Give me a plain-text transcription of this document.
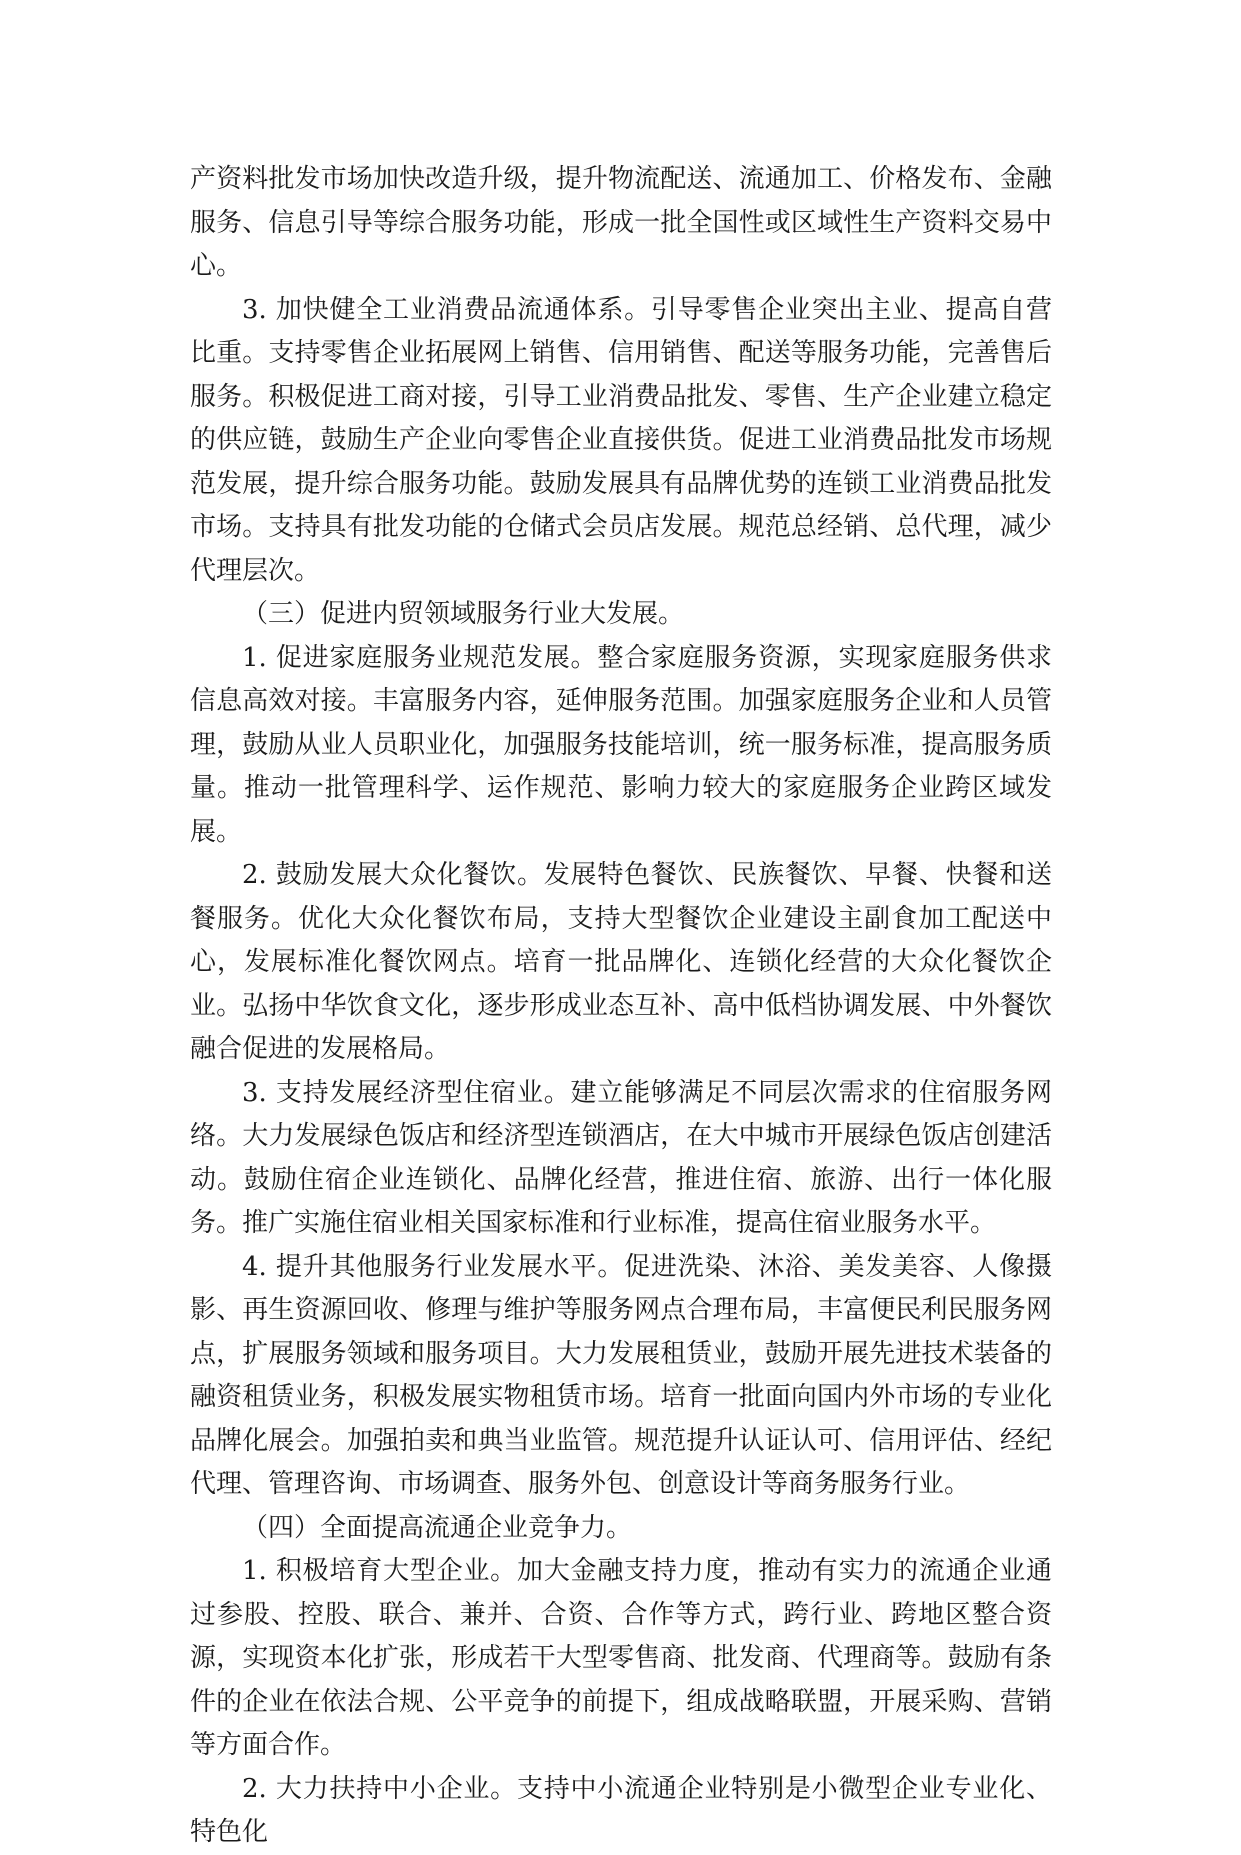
产资料批发市场加快改造升级，提升物流配送、流通加工、价格发布、金融服务、信息引导等综合服务功能，形成一批全国性或区域性生产资料交易中心。

3. 加快健全工业消费品流通体系。引导零售企业突出主业、提高自营比重。支持零售企业拓展网上销售、信用销售、配送等服务功能，完善售后服务。积极促进工商对接，引导工业消费品批发、零售、生产企业建立稳定的供应链，鼓励生产企业向零售企业直接供货。促进工业消费品批发市场规范发展，提升综合服务功能。鼓励发展具有品牌优势的连锁工业消费品批发市场。支持具有批发功能的仓储式会员店发展。规范总经销、总代理，减少代理层次。

（三）促进内贸领域服务行业大发展。

1. 促进家庭服务业规范发展。整合家庭服务资源，实现家庭服务供求信息高效对接。丰富服务内容，延伸服务范围。加强家庭服务企业和人员管理，鼓励从业人员职业化，加强服务技能培训，统一服务标准，提高服务质量。推动一批管理科学、运作规范、影响力较大的家庭服务企业跨区域发展。

2. 鼓励发展大众化餐饮。发展特色餐饮、民族餐饮、早餐、快餐和送餐服务。优化大众化餐饮布局，支持大型餐饮企业建设主副食加工配送中心，发展标准化餐饮网点。培育一批品牌化、连锁化经营的大众化餐饮企业。弘扬中华饮食文化，逐步形成业态互补、高中低档协调发展、中外餐饮融合促进的发展格局。

3. 支持发展经济型住宿业。建立能够满足不同层次需求的住宿服务网络。大力发展绿色饭店和经济型连锁酒店，在大中城市开展绿色饭店创建活动。鼓励住宿企业连锁化、品牌化经营，推进住宿、旅游、出行一体化服务。推广实施住宿业相关国家标准和行业标准，提高住宿业服务水平。

4. 提升其他服务行业发展水平。促进洗染、沐浴、美发美容、人像摄影、再生资源回收、修理与维护等服务网点合理布局，丰富便民利民服务网点，扩展服务领域和服务项目。大力发展租赁业，鼓励开展先进技术装备的融资租赁业务，积极发展实物租赁市场。培育一批面向国内外市场的专业化品牌化展会。加强拍卖和典当业监管。规范提升认证认可、信用评估、经纪代理、管理咨询、市场调查、服务外包、创意设计等商务服务行业。

（四）全面提高流通企业竞争力。

1. 积极培育大型企业。加大金融支持力度，推动有实力的流通企业通过参股、控股、联合、兼并、合资、合作等方式，跨行业、跨地区整合资源，实现资本化扩张，形成若干大型零售商、批发商、代理商等。鼓励有条件的企业在依法合规、公平竞争的前提下，组成战略联盟，开展采购、营销等方面合作。

2. 大力扶持中小企业。支持中小流通企业特别是小微型企业专业化、特色化
